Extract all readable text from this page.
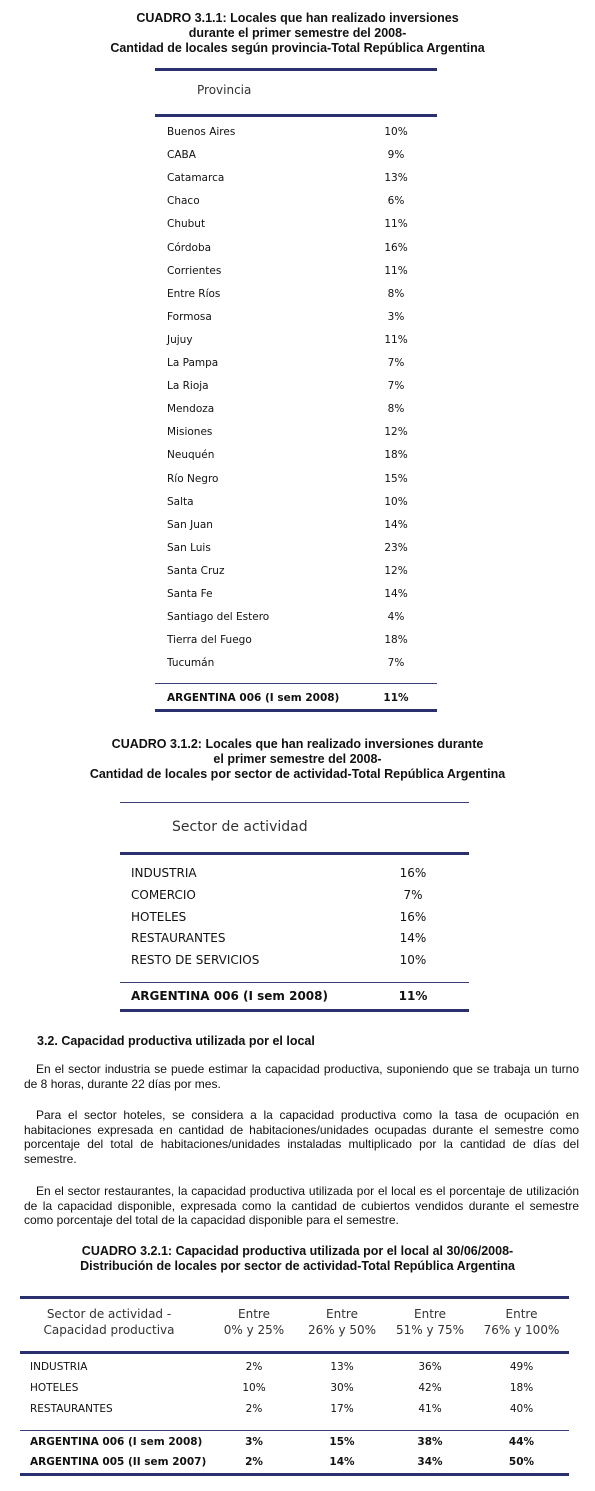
CUADRO 3.1.1: Locales que han realizado inversiones
durante el primer semestre del 2008-
Cantidad de locales según provincia-Total República Argentina
Provincia
Buenos Aires	10%
CABA	9%
Catamarca	13%
Chaco	6%
Chubut	11%
Córdoba	16%
Corrientes	11%
Entre Ríos	8%
Formosa	3%
Jujuy	11%
La Pampa	7%
La Rioja	7%
Mendoza	8%
Misiones	12%
Neuquén	18%
Río Negro	15%
Salta	10%
San Juan	14%
San Luis	23%
Santa Cruz	12%
Santa Fe	14%
Santiago del Estero	4%
Tierra del Fuego	18%
Tucumán	7%
ARGENTINA 006 (I sem 2008)	11%
CUADRO 3.1.2: Locales que han realizado inversiones durante
el primer semestre del 2008-
Cantidad de locales por sector de actividad-Total República Argentina
Sector de actividad
INDUSTRIA	16%
COMERCIO	7%
HOTELES	16%
RESTAURANTES	14%
RESTO DE SERVICIOS	10%
ARGENTINA 006 (I sem 2008)	11%
3.2. Capacidad productiva utilizada por el local
En el sector industria se puede estimar la capacidad productiva, suponiendo que se trabaja un turno de 8 horas, durante 22 días por mes.
Para el sector hoteles, se considera a la capacidad productiva como la tasa de ocupación en habitaciones expresada en cantidad de habitaciones/unidades ocupadas durante el semestre como porcentaje del total de habitaciones/unidades instaladas multiplicado por la cantidad de días del semestre.
En el sector restaurantes, la capacidad productiva utilizada por el local es el porcentaje de utilización de la capacidad disponible, expresada como la cantidad de cubiertos vendidos durante el semestre como porcentaje del total de la capacidad disponible para el semestre.
CUADRO 3.2.1: Capacidad productiva utilizada por el local al 30/06/2008-
Distribución de locales por sector de actividad-Total República Argentina
Sector de actividad -
Capacidad productiva
Entre
0% y 25%
Entre
26% y 50%
Entre
51% y 75%
Entre
76% y 100%
INDUSTRIA	2%	13%	36%	49%
HOTELES	10%	30%	42%	18%
RESTAURANTES	2%	17%	41%	40%
ARGENTINA 006 (I sem 2008)	3%	15%	38%	44%
ARGENTINA 005 (II sem 2007)	2%	14%	34%	50%
